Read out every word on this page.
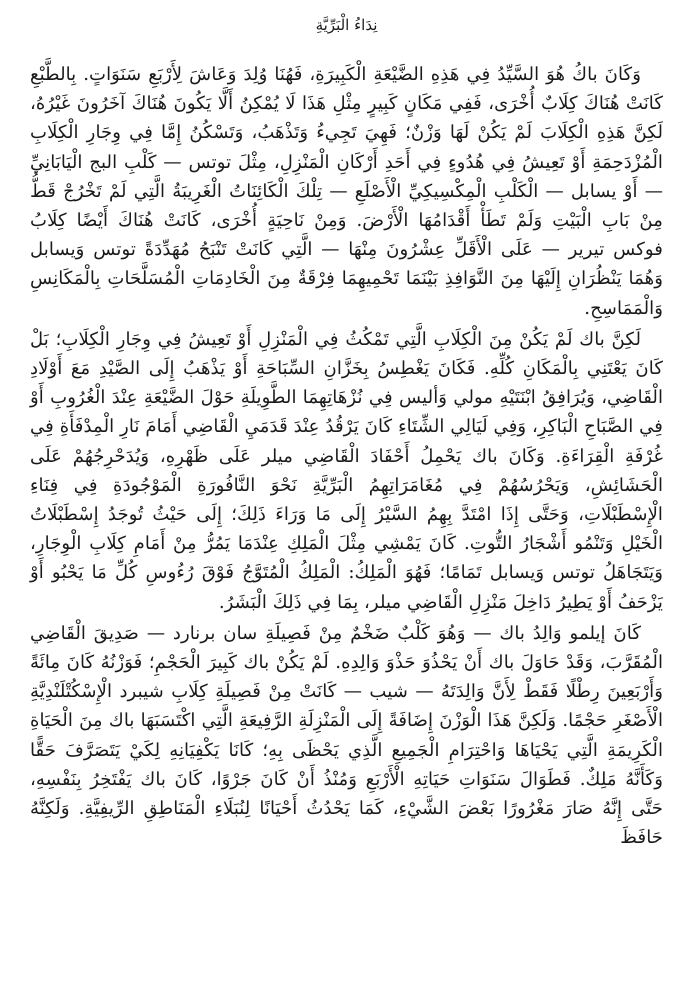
نِدَاءُ الْبَرِّيَّةِ

وَكَانَ باكُ هُوَ السَّيِّدُ فِي هَذِهِ الضَّيْعَةِ الْكَبِيرَةِ، فَهُنَا وُلِدَ وَعَاشَ لِأَرْبَعِ سَنَوَاتٍ. بِالطَّبْعِ كَانَتْ هُنَاكَ كِلَابٌ أُخْرَى، فَفِي مَكَانٍ كَبِيرٍ مِثْلِ هَذَا لَا يُمْكِنُ أَلَّا يَكُونَ هُنَاكَ آخَرُونَ غَيْرُهُ، لَكِنَّ هَذِهِ الْكِلَابَ لَمْ يَكُنْ لَهَا وَزْنٌ؛ فَهِيَ تَجِيءُ وَتَذْهَبُ، وَتَسْكُنُ إِمَّا فِي وِجَارِ الْكِلَابِ الْمُزْدَحِمَةِ أَوْ تَعِيشُ فِي هُدُوءٍ فِي أَحَدِ أَرْكَانِ الْمَنْزِلِ، مِثْلَ توتس — كَلْبِ البج الْيَابَانِيِّ — أَوْ يسابل — الْكَلْبِ الْمِكْسِيكِيِّ الْأَصْلَعِ — تِلْكَ الْكَائِنَاتُ الْغَرِيبَةُ الَّتِي لَمْ تَخْرُجْ قَطُّ مِنْ بَابِ الْبَيْتِ وَلَمْ تَطَأْ أَقْدَامُهَا الْأَرْضَ. وَمِنْ نَاحِيَةٍ أُخْرَى، كَانَتْ هُنَاكَ أَيْضًا كِلَابُ فوكس تيرير — عَلَى الْأَقَلِّ عِشْرُونَ مِنْهَا — الَّتِي كَانَتْ تَنْبَحُ مُهَدِّدَةً توتس وَيسابل وَهُمَا يَنْظُرَانِ إِلَيْهَا مِنَ النَّوَافِذِ بَيْنَمَا تَحْمِيهِمَا فِرْقَةٌ مِنَ الْخَادِمَاتِ الْمُسَلَّحَاتِ بِالْمَكَانِسِ وَالْمَمَاسِحِ.

لَكِنَّ باك لَمْ يَكُنْ مِنَ الْكِلَابِ الَّتِي تَمْكُثُ فِي الْمَنْزِلِ أَوْ تَعِيشُ فِي وِجَارِ الْكِلَابِ؛ بَلْ كَانَ يَعْتَنِي بِالْمَكَانِ كُلِّهِ. فَكَانَ يَغْطِسُ بِخَزَّانِ السِّبَاحَةِ أَوْ يَذْهَبُ إِلَى الصَّيْدِ مَعَ أَوْلَادِ الْقَاضِي، وَيُرَافِقُ ابْنَتَيْهِ مولي وَأليس فِي نُزْهَاتِهِمَا الطَّوِيلَةِ حَوْلَ الضَّيْعَةِ عِنْدَ الْغُرُوبِ أَوْ فِي الصَّبَاحِ الْبَاكِرِ، وَفِي لَيَالِي الشِّتَاءِ كَانَ يَرْقُدُ عِنْدَ قَدَمَيِ الْقَاضِي أَمَامَ نَارِ الْمِدْفَأَةِ فِي غُرْفَةِ الْقِرَاءَةِ. وَكَانَ باك يَحْمِلُ أَحْفَادَ الْقَاضِي ميلر عَلَى ظَهْرِهِ، وَيُدَحْرِجُهُمْ عَلَى الْحَشَائِشِ، وَيَحْرُسُهُمْ فِي مُغَامَرَاتِهِمُ الْبَرِّيَّةِ نَحْوَ النَّافُورَةِ الْمَوْجُودَةِ فِي فِنَاءِ الْإِسْطَبْلَاتِ، وَحَتَّى إِذَا امْتَدَّ بِهِمُ السَّيْرُ إِلَى مَا وَرَاءَ ذَلِكَ؛ إِلَى حَيْثُ تُوجَدُ إِسْطَبْلَاتُ الْخَيْلِ وَتَنْمُو أَشْجَارُ التُّوتِ. كَانَ يَمْشِي مِثْلَ الْمَلِكِ عِنْدَمَا يَمُرُّ مِنْ أَمَامِ كِلَابِ الْوِجَارِ، وَيَتَجَاهَلُ توتس وَيسابل تَمَامًا؛ فَهُوَ الْمَلِكُ: الْمَلِكُ الْمُتَوَّجُ فَوْقَ رُءُوسِ كُلِّ مَا يَحْبُو أَوْ يَزْحَفُ أَوْ يَطِيرُ دَاخِلَ مَنْزِلِ الْقَاضِي ميلر، بِمَا فِي ذَلِكَ الْبَشَرُ.

كَانَ إيلمو وَالِدُ باك — وَهُوَ كَلْبٌ ضَخْمٌ مِنْ فَصِيلَةِ سان برنارد — صَدِيقَ الْقَاضِي الْمُقَرَّبَ، وَقَدْ حَاوَلَ باك أَنْ يَحْذُوَ حَذْوَ وَالِدِهِ. لَمْ يَكُنْ باك كَبِيرَ الْحَجْمِ؛ فَوَزْنُهُ كَانَ مِائَةً وَأَرْبَعِينَ رِطْلًا فَقَطْ لِأَنَّ وَالِدَتَهُ — شيب — كَانَتْ مِنْ فَصِيلَةِ كِلَابِ شيبرد الْإِسْكُتْلَنْدِيَّةِ الْأَصْغَرِ حَجْمًا. وَلَكِنَّ هَذَا الْوَزْنَ إِضَافَةً إِلَى الْمَنْزِلَةِ الرَّفِيعَةِ الَّتِي اكْتَسَبَهَا باك مِنَ الْحَيَاةِ الْكَرِيمَةِ الَّتِي يَحْيَاهَا وَاحْتِرَامِ الْجَمِيعِ الَّذِي يَحْظَى بِهِ؛ كَانَا يَكْفِيَانِهِ لِكَيْ يَتَصَرَّفَ حَقًّا وَكَأَنَّهُ مَلِكٌ. فَطَوَالَ سَنَوَاتِ حَيَاتِهِ الْأَرْبَعِ وَمُنْذُ أَنْ كَانَ جَرْوًا، كَانَ باك يَفْتَخِرُ بِنَفْسِهِ، حَتَّى إِنَّهُ صَارَ مَغْرُورًا بَعْضَ الشَّيْءِ، كَمَا يَحْدُثُ أَحْيَانًا لِنُبَلَاءِ الْمَنَاطِقِ الرِّيفِيَّةِ. وَلَكِنَّهُ حَافَظَ
